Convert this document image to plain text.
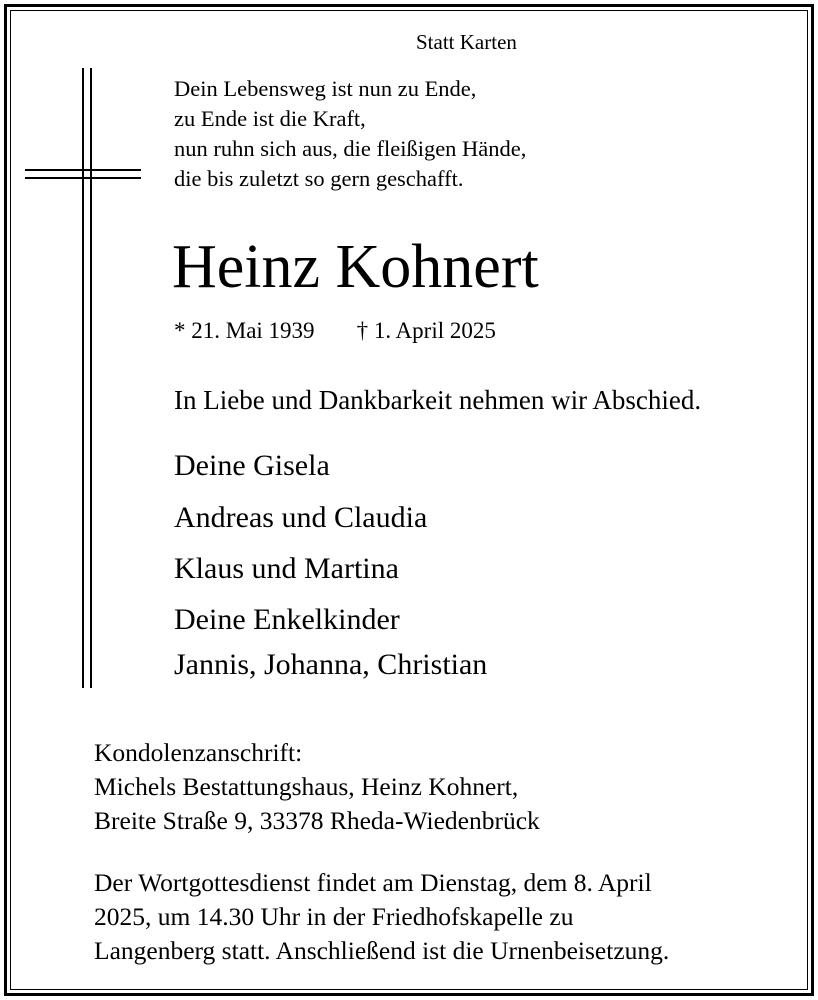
Statt Karten
Dein Lebensweg ist nun zu Ende,
zu Ende ist die Kraft,
nun ruhn sich aus, die fleißigen Hände,
die bis zuletzt so gern geschafft.
Heinz Kohnert
* 21. Mai 1939 † 1. April 2025
In Liebe und Dankbarkeit nehmen wir Abschied.
Deine Gisela
Andreas und Claudia
Klaus und Martina
Deine Enkelkinder
Jannis, Johanna, Christian
Kondolenzanschrift:
Michels Bestattungshaus, Heinz Kohnert,
Breite Straße 9, 33378 Rheda-Wiedenbrück
Der Wortgottesdienst findet am Dienstag, dem 8. April
2025, um 14.30 Uhr in der Friedhofskapelle zu
Langenberg statt. Anschließend ist die Urnenbeisetzung.
